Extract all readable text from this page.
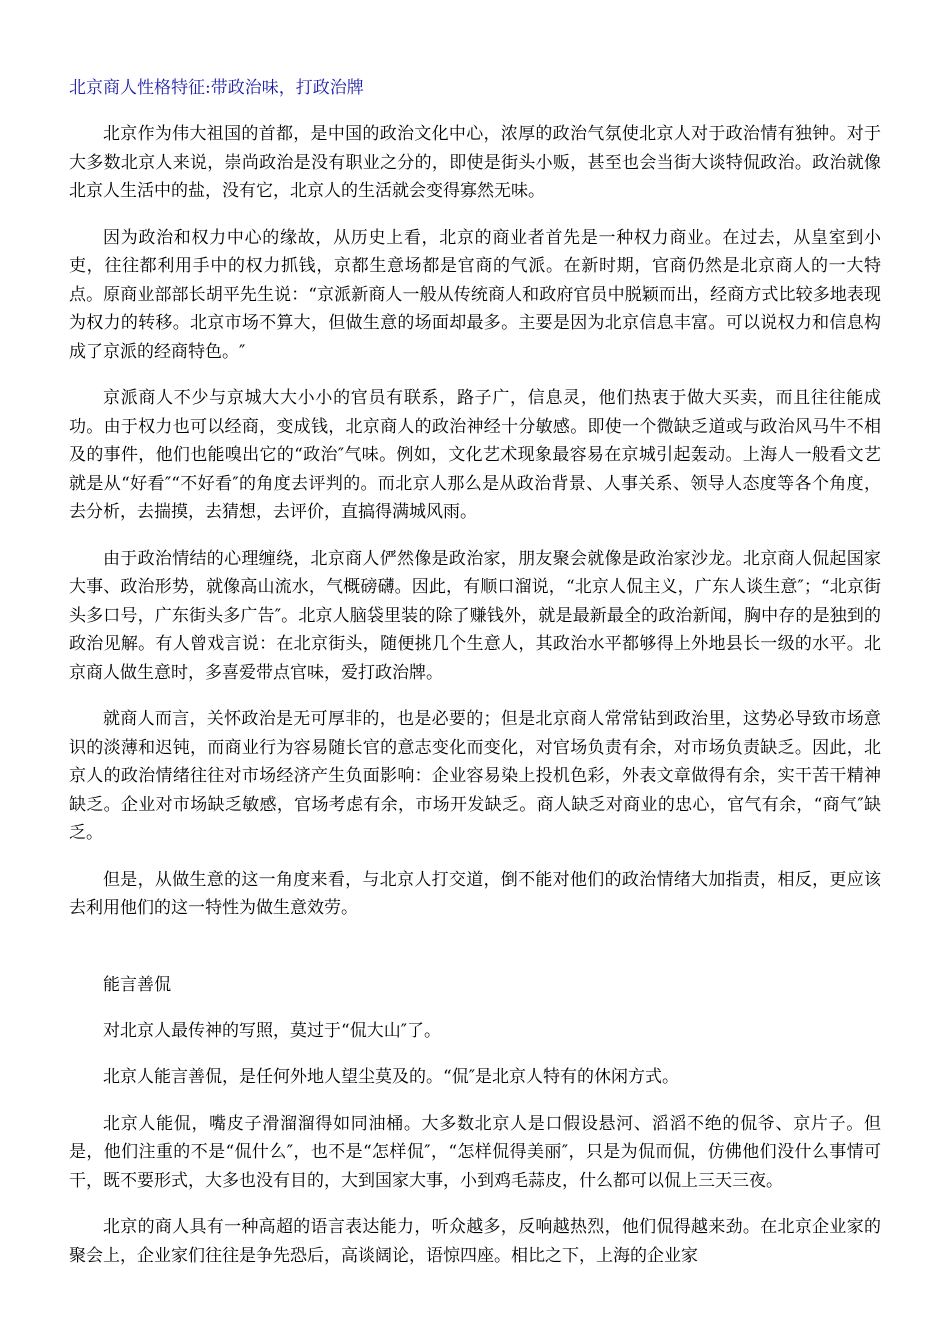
北京商人性格特征:带政治味，打政治牌

北京作为伟大祖国的首都，是中国的政治文化中心，浓厚的政治气氛使北京人对于政治情有独钟。对于大多数北京人来说，崇尚政治是没有职业之分的，即使是街头小贩，甚至也会当街大谈特侃政治。政治就像北京人生活中的盐，没有它，北京人的生活就会变得寡然无味。

因为政治和权力中心的缘故，从历史上看，北京的商业者首先是一种权力商业。在过去，从皇室到小吏，往往都利用手中的权力抓钱，京都生意场都是官商的气派。在新时期，官商仍然是北京商人的一大特点。原商业部部长胡平先生说：“京派新商人一般从传统商人和政府官员中脱颖而出，经商方式比较多地表现为权力的转移。北京市场不算大，但做生意的场面却最多。主要是因为北京信息丰富。可以说权力和信息构成了京派的经商特色。″

京派商人不少与京城大大小小的官员有联系，路子广，信息灵，他们热衷于做大买卖，而且往往能成功。由于权力也可以经商，变成钱，北京商人的政治神经十分敏感。即使一个微缺乏道或与政治风马牛不相及的事件，他们也能嗅出它的“政治″气味。例如，文化艺术现象最容易在京城引起轰动。上海人一般看文艺就是从“好看″“不好看″的角度去评判的。而北京人那么是从政治背景、人事关系、领导人态度等各个角度，去分析，去揣摸，去猜想，去评价，直搞得满城风雨。

由于政治情结的心理缠绕，北京商人俨然像是政治家，朋友聚会就像是政治家沙龙。北京商人侃起国家大事、政治形势，就像高山流水，气概磅礴。因此，有顺口溜说，“北京人侃主义，广东人谈生意″；“北京街头多口号，广东街头多广告″。北京人脑袋里装的除了赚钱外，就是最新最全的政治新闻，胸中存的是独到的政治见解。有人曾戏言说：在北京街头，随便挑几个生意人，其政治水平都够得上外地县长一级的水平。北京商人做生意时，多喜爱带点官味，爱打政治牌。

就商人而言，关怀政治是无可厚非的，也是必要的；但是北京商人常常钻到政治里，这势必导致市场意识的淡薄和迟钝，而商业行为容易随长官的意志变化而变化，对官场负责有余，对市场负责缺乏。因此，北京人的政治情绪往往对市场经济产生负面影响：企业容易染上投机色彩，外表文章做得有余，实干苦干精神缺乏。企业对市场缺乏敏感，官场考虑有余，市场开发缺乏。商人缺乏对商业的忠心，官气有余，“商气″缺乏。

但是，从做生意的这一角度来看，与北京人打交道，倒不能对他们的政治情绪大加指责，相反，更应该去利用他们的这一特性为做生意效劳。

能言善侃

对北京人最传神的写照，莫过于“侃大山″了。

北京人能言善侃，是任何外地人望尘莫及的。“侃″是北京人特有的休闲方式。

北京人能侃，嘴皮子滑溜溜得如同油桶。大多数北京人是口假设悬河、滔滔不绝的侃爷、京片子。但是，他们注重的不是“侃什么″，也不是“怎样侃″，“怎样侃得美丽″，只是为侃而侃，仿佛他们没什么事情可干，既不要形式，大多也没有目的，大到国家大事，小到鸡毛蒜皮，什么都可以侃上三天三夜。

北京的商人具有一种高超的语言表达能力，听众越多，反响越热烈，他们侃得越来劲。在北京企业家的聚会上，企业家们往往是争先恐后，高谈阔论，语惊四座。相比之下，上海的企业家
